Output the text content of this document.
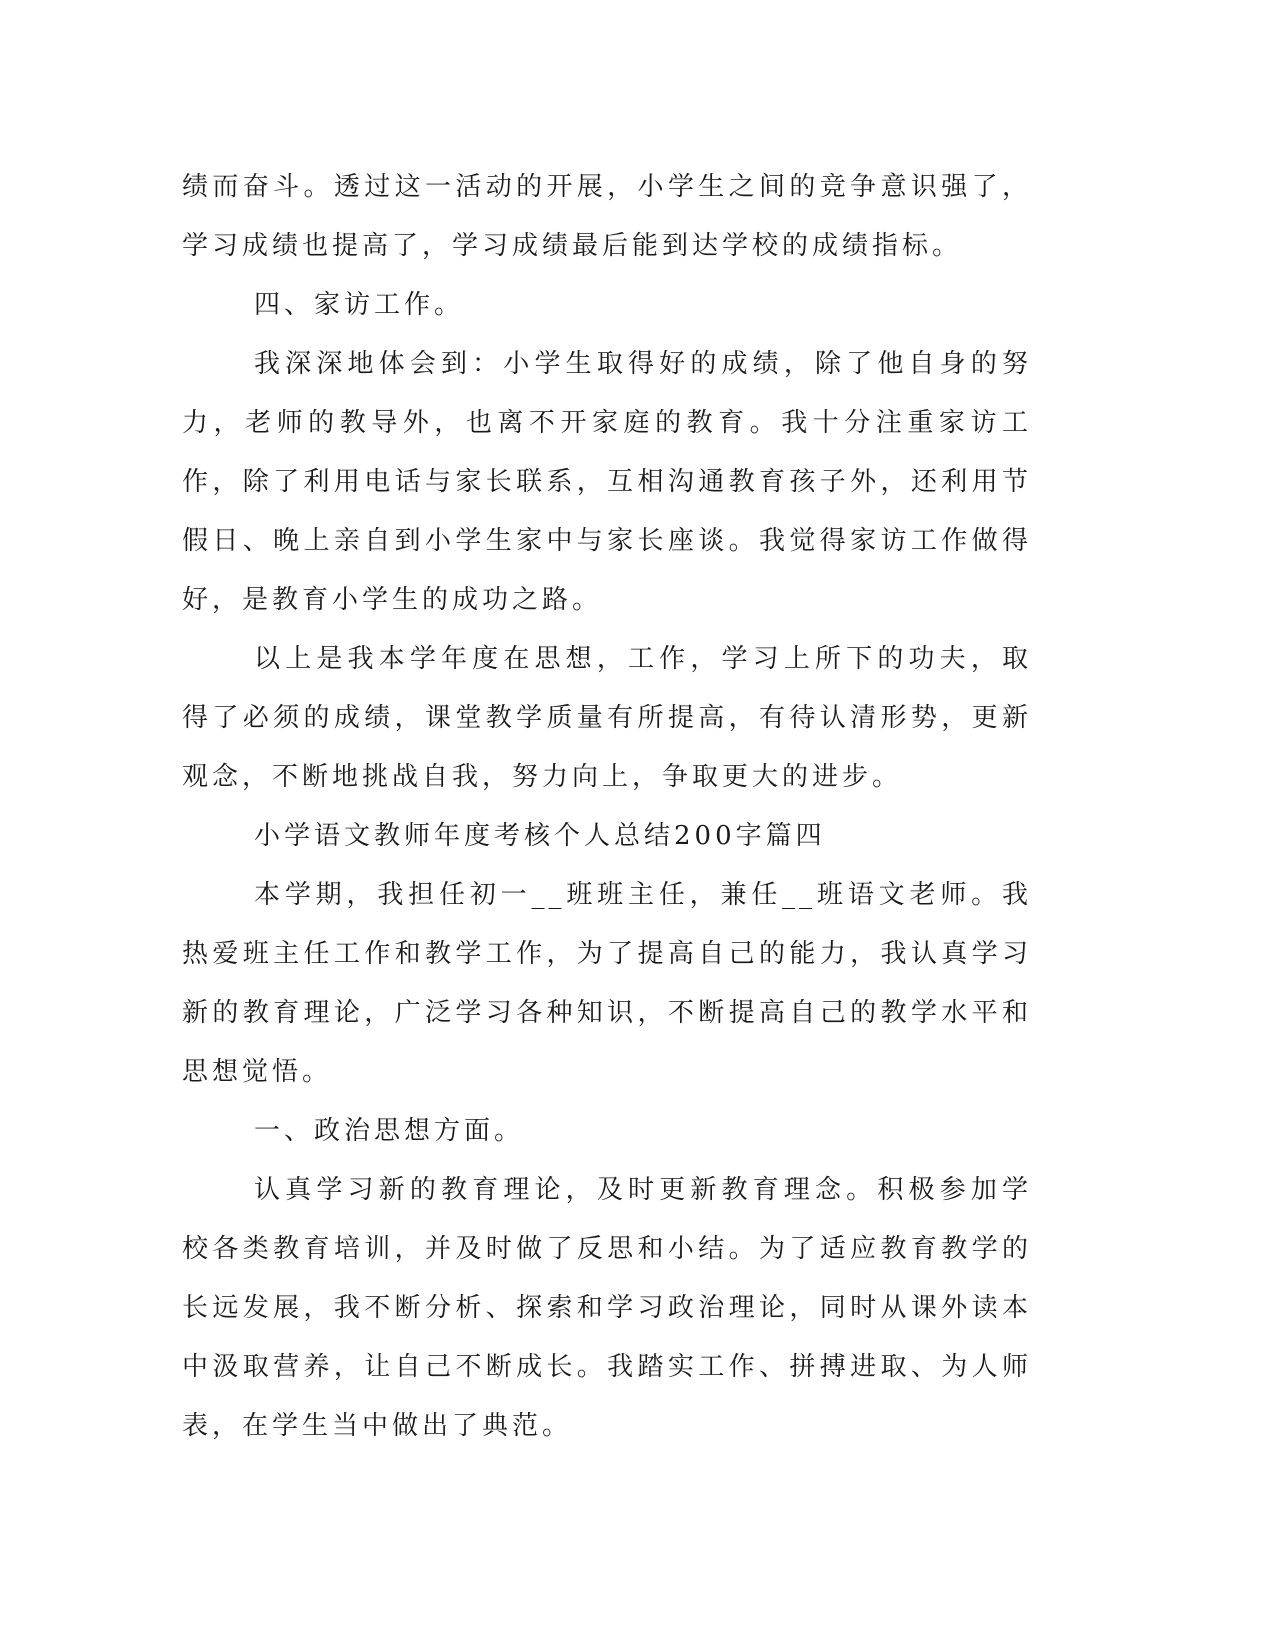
绩而奋斗。透过这一活动的开展，小学生之间的竞争意识强了，学习成绩也提高了，学习成绩最后能到达学校的成绩指标。

四、家访工作。

我深深地体会到：小学生取得好的成绩，除了他自身的努力，老师的教导外，也离不开家庭的教育。我十分注重家访工作，除了利用电话与家长联系，互相沟通教育孩子外，还利用节假日、晚上亲自到小学生家中与家长座谈。我觉得家访工作做得好，是教育小学生的成功之路。

以上是我本学年度在思想，工作，学习上所下的功夫，取得了必须的成绩，课堂教学质量有所提高，有待认清形势，更新观念，不断地挑战自我，努力向上，争取更大的进步。

小学语文教师年度考核个人总结200字篇四

本学期，我担任初一__班班主任，兼任__班语文老师。我热爱班主任工作和教学工作，为了提高自己的能力，我认真学习新的教育理论，广泛学习各种知识，不断提高自己的教学水平和思想觉悟。

一、政治思想方面。

认真学习新的教育理论，及时更新教育理念。积极参加学校各类教育培训，并及时做了反思和小结。为了适应教育教学的长远发展，我不断分析、探索和学习政治理论，同时从课外读本中汲取营养，让自己不断成长。我踏实工作、拼搏进取、为人师表，在学生当中做出了典范。
